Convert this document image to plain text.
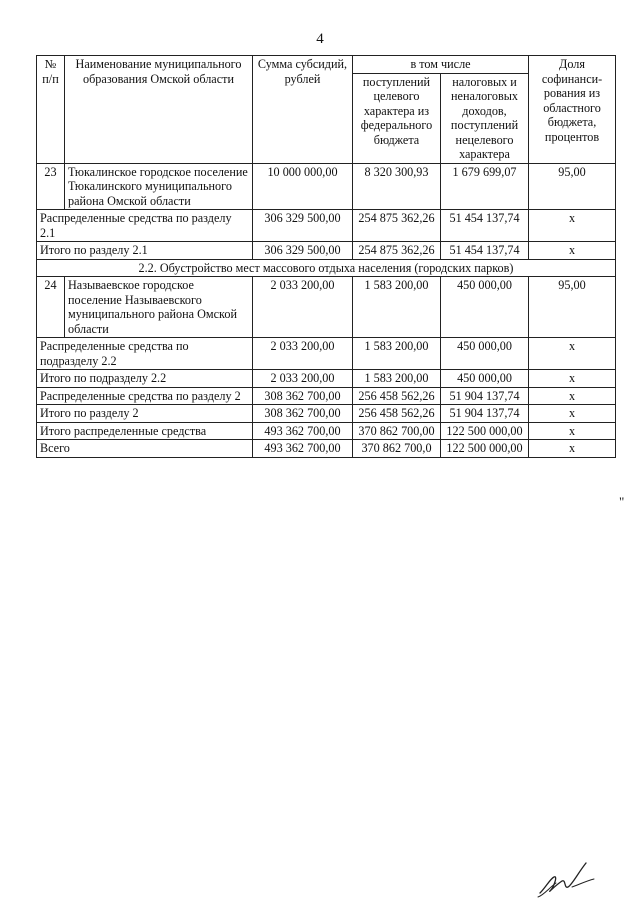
4
№ п/п	Наименование муниципального образования Омской области	Сумма субсидий, рублей	в том числе		Доля софинанси-рования из областного бюджета, процентов
			поступлений целевого характера из федерального бюджета	налоговых и неналоговых доходов, поступлений нецелевого характера	
23	Тюкалинское городское поселение Тюкалинского муниципального района Омской области	10 000 000,00	8 320 300,93	1 679 699,07	95,00
Распределенные средства по разделу 2.1		306 329 500,00	254 875 362,26	51 454 137,74	х
Итого по разделу 2.1		306 329 500,00	254 875 362,26	51 454 137,74	х
2.2. Обустройство мест массового отдыха населения (городских парков)					
24	Называевское городское поселение Называевского муниципального района Омской области	2 033 200,00	1 583 200,00	450 000,00	95,00
Распределенные средства по подразделу 2.2		2 033 200,00	1 583 200,00	450 000,00	х
Итого по подразделу 2.2		2 033 200,00	1 583 200,00	450 000,00	х
Распределенные средства по разделу 2		308 362 700,00	256 458 562,26	51 904 137,74	х
Итого по разделу 2		308 362 700,00	256 458 562,26	51 904 137,74	х
Итого распределенные средства		493 362 700,00	370 862 700,00	122 500 000,00	х
Всего		493 362 700,00	370 862 700,0	122 500 000,00	х
"
